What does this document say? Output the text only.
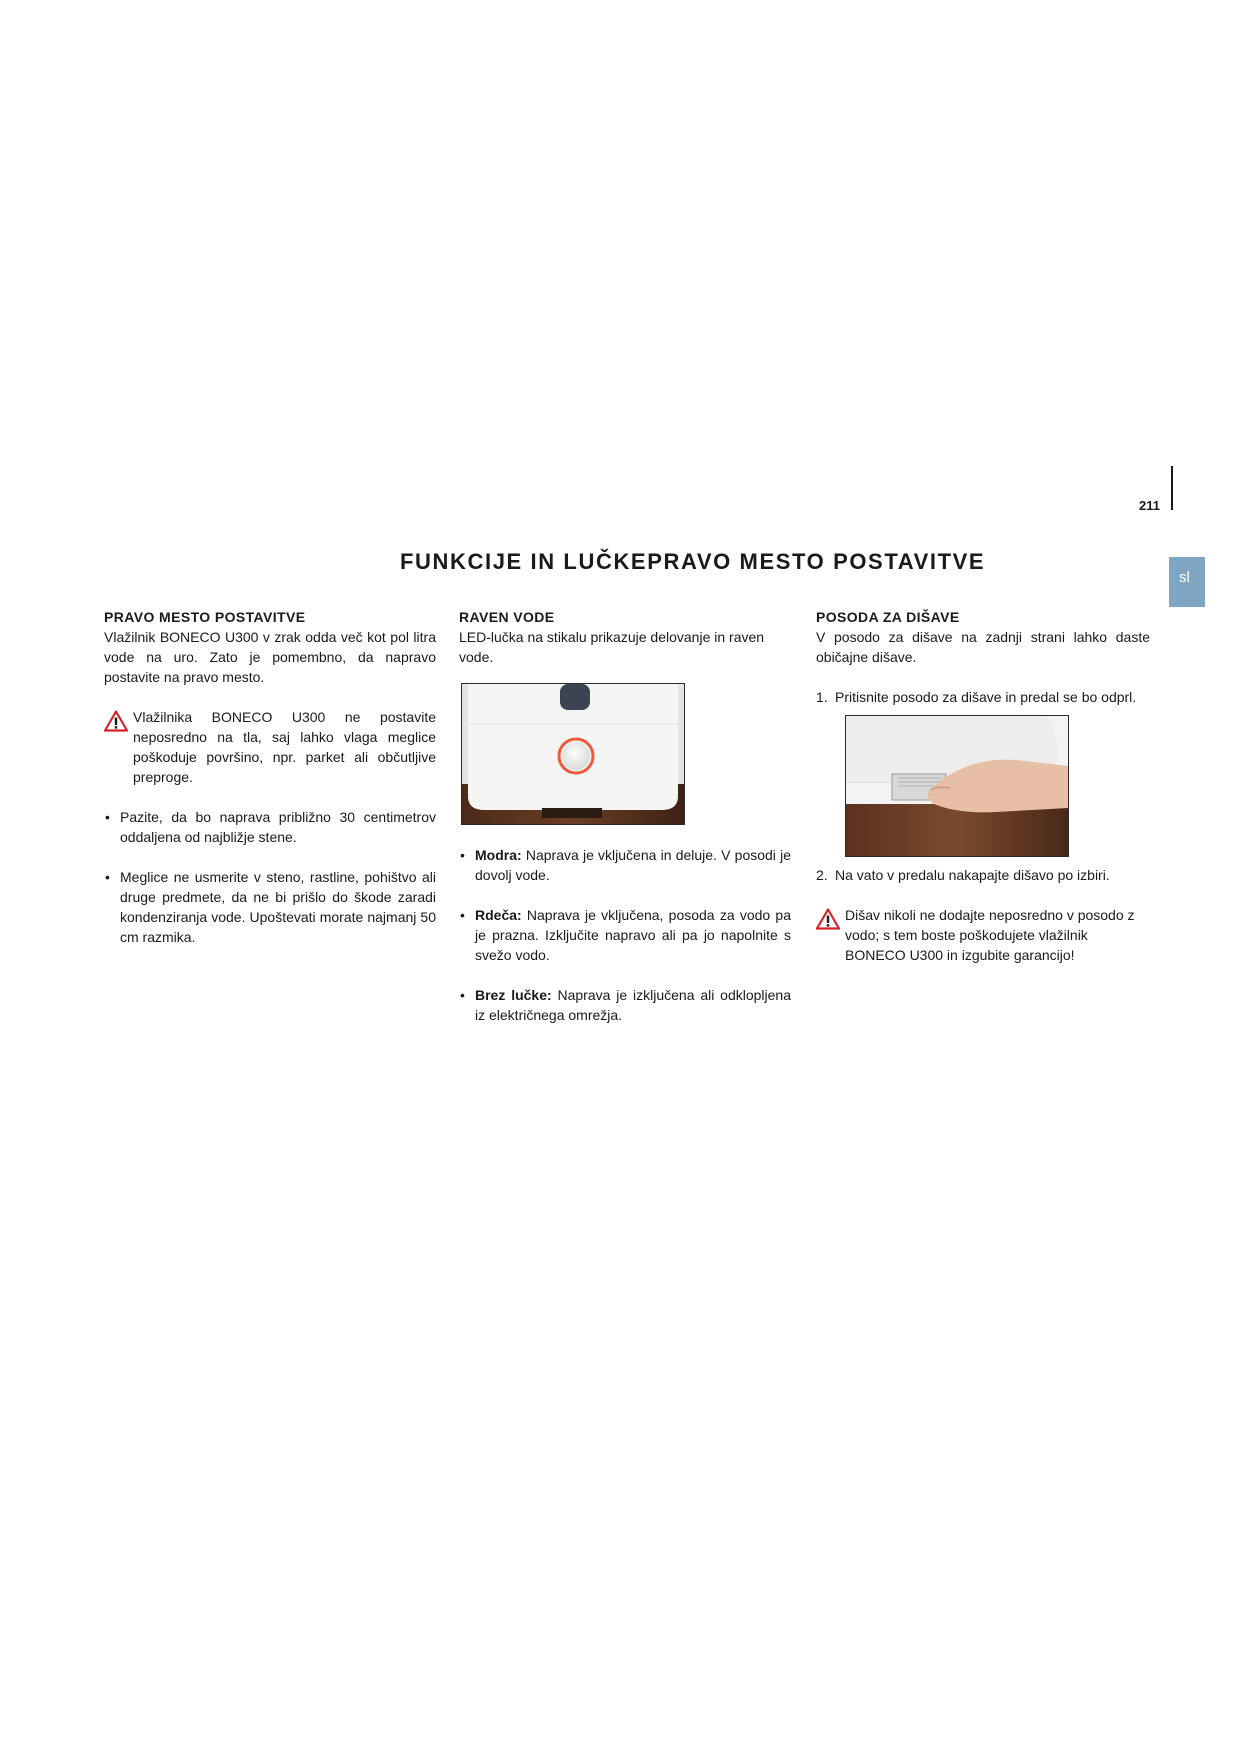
211
sl
FUNKCIJE IN LUČKEPRAVO MESTO POSTAVITVE
PRAVO MESTO POSTAVITVE

Vlažilnik BONECO U300 v zrak odda več kot pol litra vode na uro. Zato je pomembno, da napravo postavite na pravo mesto.

Vlažilnika BONECO U300 ne postavite neposredno na tla, saj lahko vlaga meglice poškoduje površino, npr. parket ali občutljive preproge.

• Pazite, da bo naprava približno 30 centimetrov oddaljena od najbližje stene.

• Meglice ne usmerite v steno, rastline, pohištvo ali druge predmete, da ne bi prišlo do škode zaradi kondenziranja vode. Upoštevati morate najmanj 50 cm razmika.

RAVEN VODE

LED-lučka na stikalu prikazuje delovanje in raven vode.

• Modra: Naprava je vključena in deluje. V posodi je dovolj vode.

• Rdeča: Naprava je vključena, posoda za vodo pa je prazna. Izključite napravo ali pa jo napolnite s svežo vodo.

• Brez lučke: Naprava je izključena ali odklopljena iz električnega omrežja.

POSODA ZA DIŠAVE

V posodo za dišave na zadnji strani lahko daste običajne dišave.

1. Pritisnite posodo za dišave in predal se bo odprl.

2. Na vato v predalu nakapajte dišavo po izbiri.

Dišav nikoli ne dodajte neposredno v posodo z vodo; s tem boste poškodujete vlažilnik BONECO U300 in izgubite garancijo!
